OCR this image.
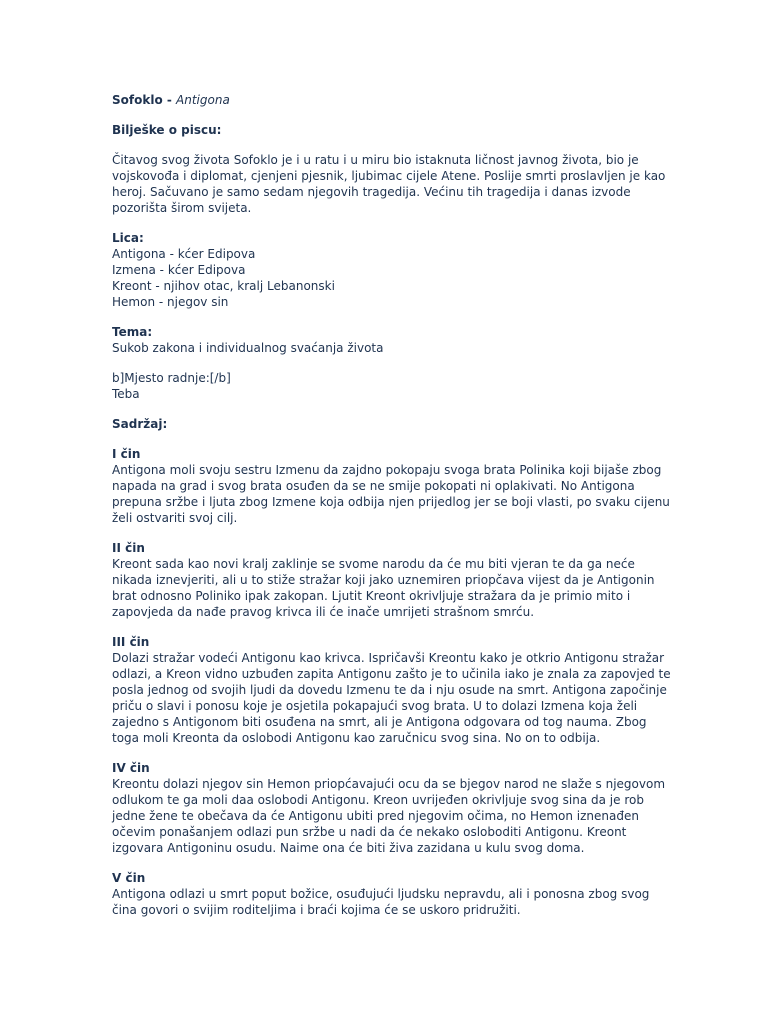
Sofoklo - Antigona

Bilješke o piscu:

Čitavog svog života Sofoklo je i u ratu i u miru bio istaknuta ličnost javnog života, bio je vojskovođa i diplomat, cjenjeni pjesnik, ljubimac cijele Atene. Poslije smrti proslavljen je kao heroj. Sačuvano je samo sedam njegovih tragedija. Većinu tih tragedija i danas izvode pozorišta širom svijeta.

Lica:

Antigona - kćer Edipova
Izmena - kćer Edipova
Kreont - njihov otac, kralj Lebanonski
Hemon - njegov sin

Tema:

Sukob zakona i individualnog svaćanja života

b]Mjesto radnje:[/b]

Teba

Sadržaj:

I čin

Antigona moli svoju sestru Izmenu da zajdno pokopaju svoga brata Polinika koji bijaše zbog napada na grad i svog brata osuđen da se ne smije pokopati ni oplakivati. No Antigona prepuna sržbe i ljuta zbog Izmene koja odbija njen prijedlog jer se boji vlasti, po svaku cijenu želi ostvariti svoj cilj.

II čin

Kreont sada kao novi kralj zaklinje se svome narodu da će mu biti vjeran te da ga neće nikada iznevjeriti, ali u to stiže stražar koji jako uznemiren priopčava vijest da je Antigonin brat odnosno Poliniko ipak zakopan. Ljutit Kreont okrivljuje stražara da je primio mito i zapovjeda da nađe pravog krivca ili će inače umrijeti strašnom smrću.

III čin

Dolazi stražar vodeći Antigonu kao krivca. Ispričavši Kreontu kako je otkrio Antigonu stražar odlazi, a Kreon vidno uzbuđen zapita Antigonu zašto je to učinila iako je znala za zapovjed te posla jednog od svojih ljudi da dovedu Izmenu te da i nju osude na smrt. Antigona započinje priču o slavi i ponosu koje je osjetila pokapajući svog brata. U to dolazi Izmena koja želi zajedno s Antigonom biti osuđena na smrt, ali je Antigona odgovara od tog nauma. Zbog toga moli Kreonta da oslobodi Antigonu kao zaručnicu svog sina. No on to odbija.

IV čin

Kreontu dolazi njegov sin Hemon priopćavajući ocu da se bjegov narod ne slaže s njegovom odlukom te ga moli daa oslobodi Antigonu. Kreon uvrijeđen okrivljuje svog sina da je rob jedne žene te obečava da će Antigonu ubiti pred njegovim očima, no Hemon iznenađen očevim ponašanjem odlazi pun sržbe u nadi da će nekako osloboditi Antigonu. Kreont izgovara Antigoninu osudu. Naime ona će biti živa zazidana u kulu svog doma.

V čin

Antigona odlazi u smrt poput božice, osuđujući ljudsku nepravdu, ali i ponosna zbog svog čina govori o svijim roditeljima i braći kojima će se uskoro pridružiti.
